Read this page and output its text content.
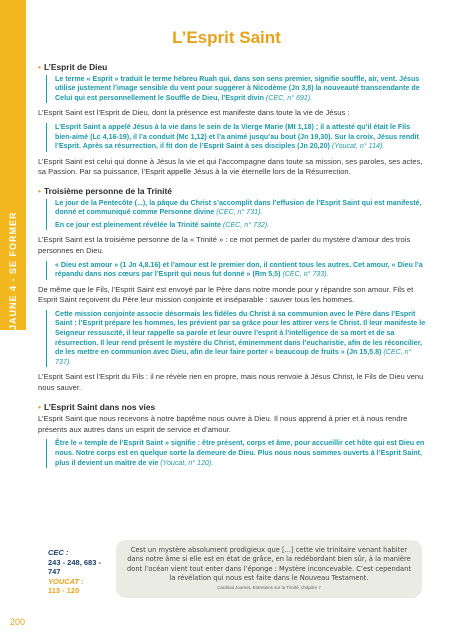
JAUNE 4 - SE FORMER
L’Esprit Saint
• L’Esprit de Dieu
Le terme « Esprit » traduit le terme hébreu Ruah qui, dans son sens premier, signifie souffle, air, vent. Jésus utilise justement l’image sensible du vent pour suggérer à Nicodème (Jn 3,8) la nouveauté transcendante de Celui qui est personnellement le Souffle de Dieu, l’Esprit divin (CEC, n° 691).

L’Esprit Saint est l’Esprit de Dieu, dont la présence est manifeste dans toute la vie de Jésus :

L’Esprit Saint a appelé Jésus à la vie dans le sein de la Vierge Marie (Mt 1,18) ; il a attesté qu’il était le Fils bien-aimé (Lc 4,16-19), il l’a conduit (Mc 1,12) et l’a animé jusqu’au bout (Jn 19,30). Sur la croix, Jésus rendit l’Esprit. Après sa résurrection, il fit don de l’Esprit Saint à ses disciples (Jn 20,20) (Youcat, n° 114).

L’Esprit Saint est celui qui donne à Jésus la vie et qui l’accompagne dans toute sa mission, ses paroles, ses actes, sa Passion. Par sa puissance, l’Esprit appelle Jésus à la vie éternelle lors de la Résurrection.

• Troisième personne de la Trinité
Le jour de la Pentecôte (...), la pâque du Christ s’accomplit dans l’effusion de l’Esprit Saint qui est manifesté, donné et communiqué comme Personne divine (CEC, n° 731).
En ce jour est pleinement révélée la Trinité sainte (CEC, n° 732).

L’Esprit Saint est la troisième personne de la « Trinité » : ce mot permet de parler du mystère d’amour des trois personnes en Dieu.

« Dieu est amour » (1 Jn 4,8.16) et l’amour est le premier don, il contient tous les autres. Cet amour, « Dieu l’a répandu dans nos cœurs par l’Esprit qui nous fut donné » (Rm 5,5) (CEC, n° 733).

De même que le Fils, l’Esprit Saint est envoyé par le Père dans notre monde pour y répandre son amour. Fils et Esprit Saint reçoivent du Père leur mission conjointe et inséparable : sauver tous les hommes.

Cette mission conjointe associe désormais les fidèles du Christ à sa communion avec le Père dans l’Esprit Saint : l’Esprit prépare les hommes, les prévient par sa grâce pour les attirer vers le Christ. Il leur manifeste le Seigneur ressuscité, il leur rappelle sa parole et leur ouvre l’esprit à l’intelligence de sa mort et de sa résurrection. Il leur rend présent le mystère du Christ, éminemment dans l’eucharistie, afin de les réconcilier, de les mettre en communion avec Dieu, afin de leur faire porter « beaucoup de fruits » (Jn 15,5.8) (CEC, n° 737).

L’Esprit Saint est l’Esprit du Fils : il ne révèle rien en propre, mais nous renvoie à Jésus Christ, le Fils de Dieu venu nous sauver.

• L’Esprit Saint dans nos vies

L’Esprit Saint que nous recevons à notre baptême nous ouvre à Dieu. Il nous apprend à prier et à nous rendre présents aux autres dans un esprit de service et d’amour.

Être le « temple de l’Esprit Saint » signifie : être présent, corps et âme, pour accueillir cet hôte qui est Dieu en nous. Notre corps est en quelque sorte la demeure de Dieu. Plus nous nous sommes ouverts à l’Esprit Saint, plus il devient un maître de vie (Youcat, n° 120).
CEC :
243 - 248, 683 - 747
YOUCAT :
113 - 120
Cest un mystère absolument prodigieux que [...] cette vie trinitaire venant habiter dans notre âme si elle est en état de grâce, en la redébordant bien sûr, à la manière dont l’océan vient tout enter dans l’éponge : Mystère inconcevable. C’est cependant la révélation qui nous est faite dans le Nouveau Testament.
Cardinal Journet, Entretiens sur la Trinité, chapitre 7
200
